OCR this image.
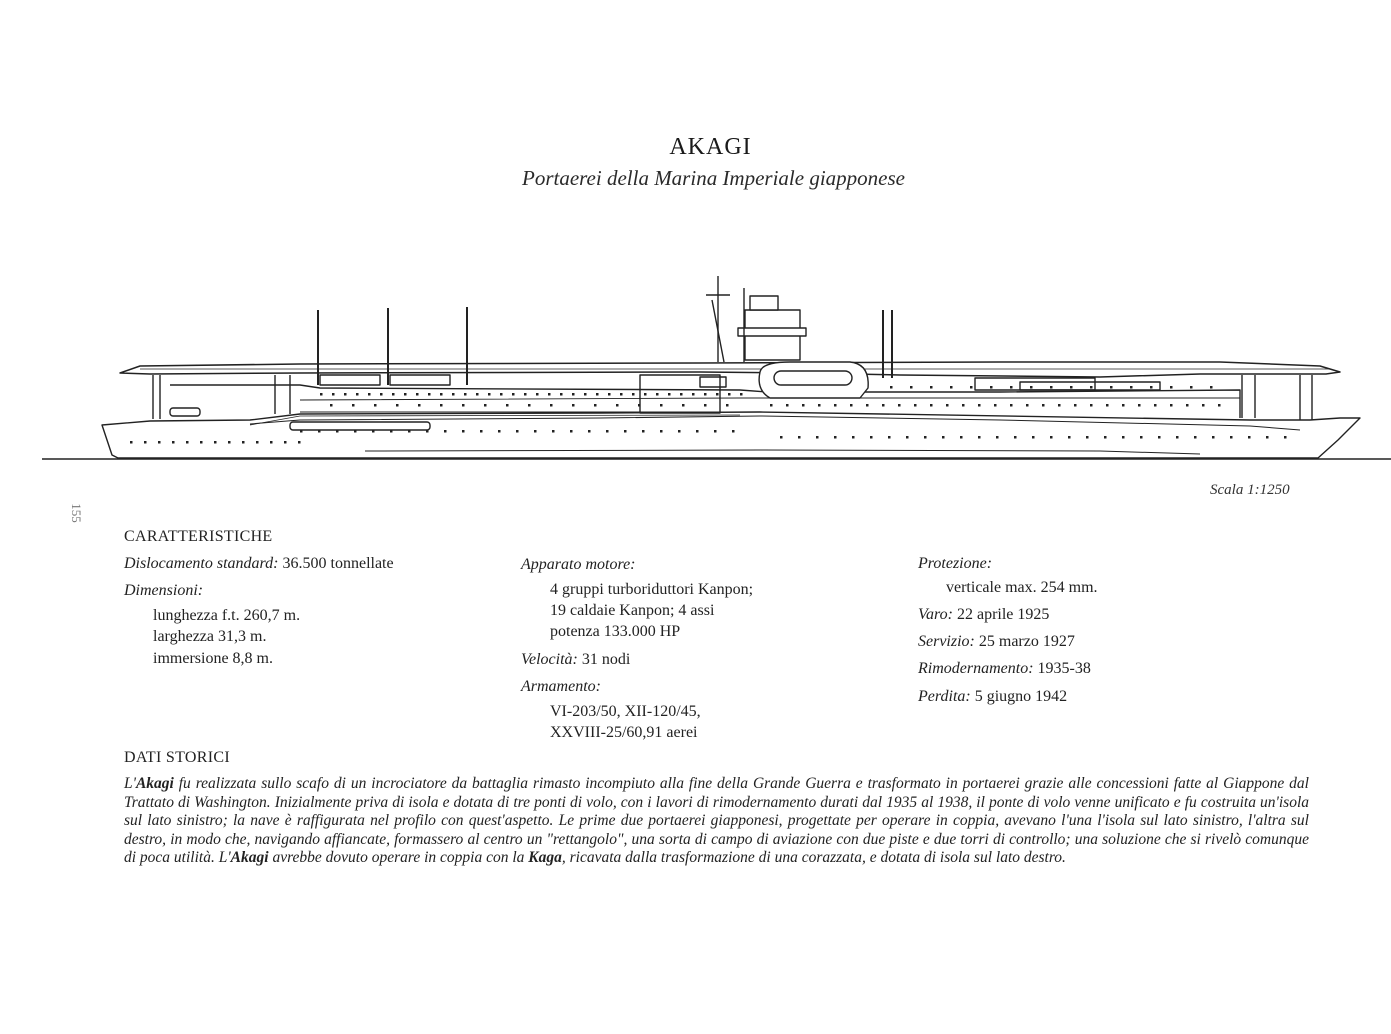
AKAGI
Portaerei della Marina Imperiale giapponese
Scala 1:1250
155
CARATTERISTICHE
Dislocamento standard: 36.500 tonnellate
Dimensioni:
lunghezza f.t. 260,7 m.
larghezza 31,3 m.
immersione 8,8 m.
Apparato motore:
4 gruppi turboriduttori Kanpon;
19 caldaie Kanpon; 4 assi
potenza 133.000 HP
Velocità: 31 nodi
Armamento:
VI-203/50, XII-120/45,
XXVIII-25/60,91 aerei
Protezione:
verticale max. 254 mm.
Varo: 22 aprile 1925
Servizio: 25 marzo 1927
Rimodernamento: 1935-38
Perdita: 5 giugno 1942
DATI STORICI
L'Akagi fu realizzata sullo scafo di un incrociatore da battaglia rimasto incompiuto alla fine della Grande Guerra e trasformato in portaerei grazie alle concessioni fatte al Giappone dal Trattato di Washington. Inizialmente priva di isola e dotata di tre ponti di volo, con i lavori di rimodernamento durati dal 1935 al 1938, il ponte di volo venne unificato e fu costruita un'isola sul lato sinistro; la nave è raffigurata nel profilo con quest'aspetto. Le prime due portaerei giapponesi, progettate per operare in coppia, avevano l'una l'isola sul lato sinistro, l'altra sul destro, in modo che, navigando affiancate, formassero al centro un "rettangolo", una sorta di campo di aviazione con due piste e due torri di controllo; una soluzione che si rivelò comunque di poca utilità. L'Akagi avrebbe dovuto operare in coppia con la Kaga, ricavata dalla trasformazione di una corazzata, e dotata di isola sul lato destro.
